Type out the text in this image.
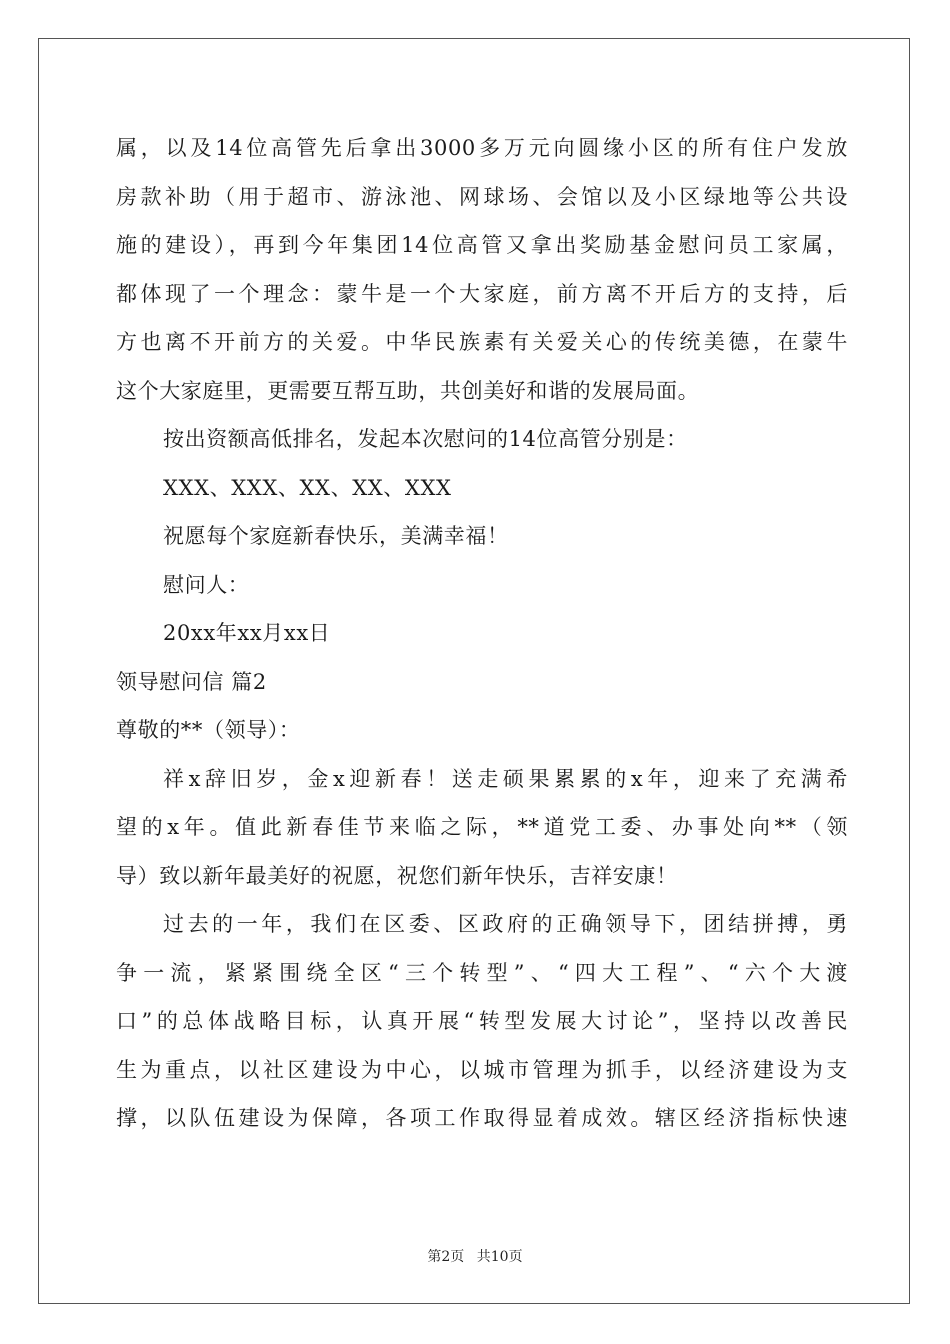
属，以及14位高管先后拿出3000多万元向圆缘小区的所有住户发放
房款补助（用于超市、游泳池、网球场、会馆以及小区绿地等公共设
施的建设），再到今年集团14位高管又拿出奖励基金慰问员工家属，
都体现了一个理念：蒙牛是一个大家庭，前方离不开后方的支持，后
方也离不开前方的关爱。中华民族素有关爱关心的传统美德，在蒙牛
这个大家庭里，更需要互帮互助，共创美好和谐的发展局面。
按出资额高低排名，发起本次慰问的14位高管分别是：
XXX、XXX、XX、XX、XXX
祝愿每个家庭新春快乐，美满幸福！
慰问人：
20xx年xx月xx日
领导慰问信 篇2
尊敬的**（领导）：
祥x辞旧岁，金x迎新春！送走硕果累累的x年，迎来了充满希
望的x年。值此新春佳节来临之际，**道党工委、办事处向**（领
导）致以新年最美好的祝愿，祝您们新年快乐，吉祥安康！
过去的一年，我们在区委、区政府的正确领导下，团结拼搏，勇
争一流，紧紧围绕全区“三个转型”、“四大工程”、“六个大渡
口”的总体战略目标，认真开展“转型发展大讨论”，坚持以改善民
生为重点，以社区建设为中心，以城市管理为抓手，以经济建设为支
撑，以队伍建设为保障，各项工作取得显着成效。辖区经济指标快速
第2页 共10页
